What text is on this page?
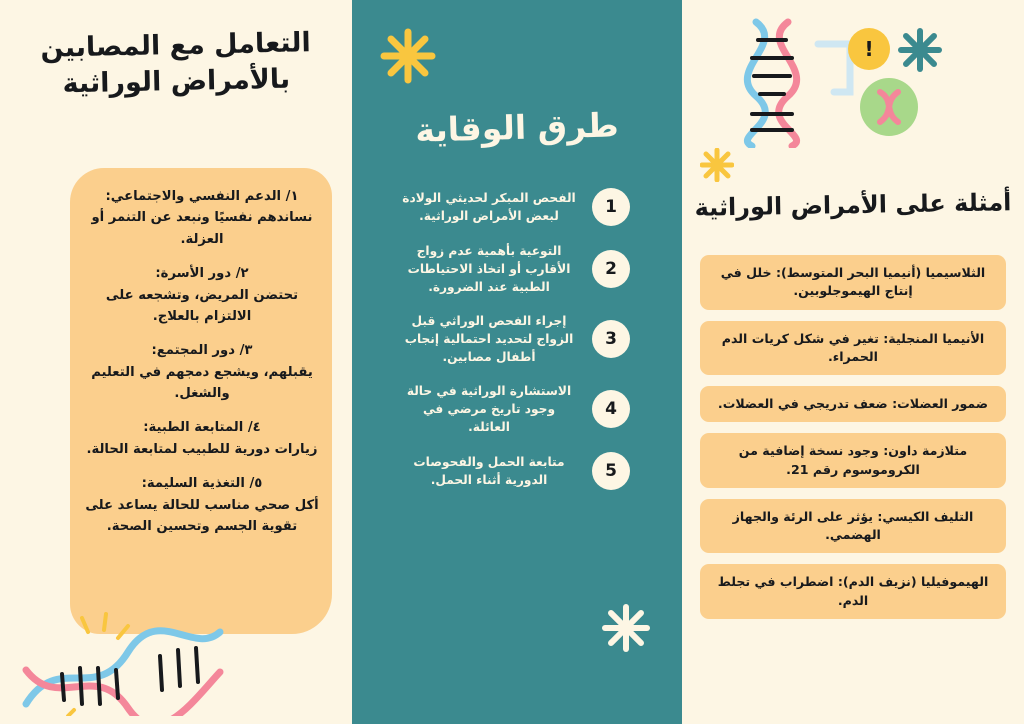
التعامل مع المصابين بالأمراض الوراثية
١/ الدعم النفسي والاجتماعي:
نساندهم نفسيًا ونبعد عن التنمر أو العزلة.
٢/ دور الأسرة:
تحتضن المريض، وتشجعه على الالتزام بالعلاج.
٣/ دور المجتمع:
يقبلهم، ويشجع دمجهم في التعليم والشغل.
٤/ المتابعة الطبية:
زيارات دورية للطبيب لمتابعة الحالة.
٥/ التغذية السليمة:
أكل صحي مناسب للحالة يساعد على تقوية الجسم وتحسين الصحة.
طرق الوقاية
1
الفحص المبكر لحديثي الولادة لبعض الأمراض الوراثية.
2
التوعية بأهمية عدم زواج الأقارب أو اتخاذ الاحتياطات الطبية عند الضرورة.
3
إجراء الفحص الوراثي قبل الزواج لتحديد احتمالية إنجاب أطفال مصابين.
4
الاستشارة الوراثية في حالة وجود تاريخ مرضي في العائلة.
5
متابعة الحمل والفحوصات الدورية أثناء الحمل.
!
أمثلة على الأمراض الوراثية
الثلاسيميا (أنيميا البحر المتوسط): خلل في إنتاج الهيموجلوبين.
الأنيميا المنجلية: تغير في شكل كريات الدم الحمراء.
ضمور العضلات: ضعف تدريجي في العضلات.
متلازمة داون: وجود نسخة إضافية من الكروموسوم رقم 21.
التليف الكيسي: يؤثر على الرئة والجهاز الهضمي.
الهيموفيليا (نزيف الدم): اضطراب في تجلط الدم.
